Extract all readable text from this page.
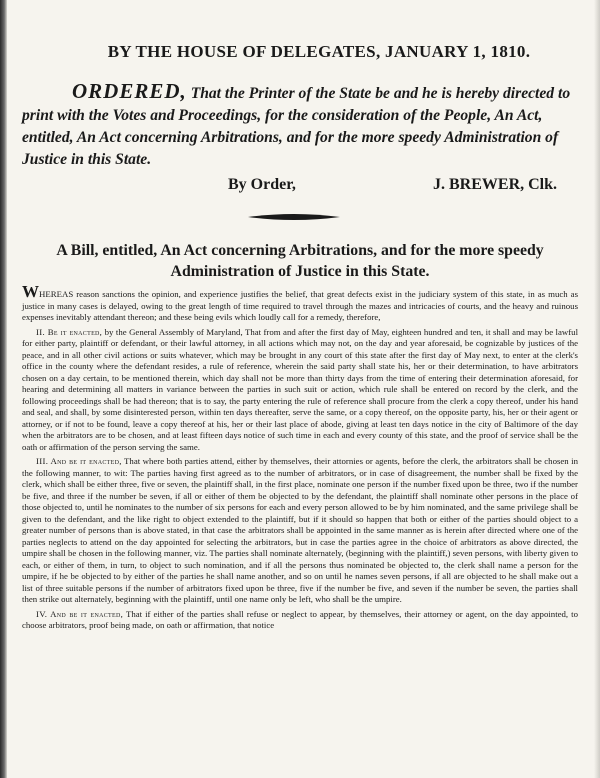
BY THE HOUSE OF DELEGATES, JANUARY 1, 1810.
ORDERED, That the Printer of the State be and he is hereby directed to print with the Votes and Proceedings, for the consideration of the People, An Act, entitled, An Act concerning Arbitrations, and for the more speedy Administration of Justice in this State.
By Order,	J. BREWER, Clk.
A Bill, entitled, An Act concerning Arbitrations, and for the more speedy Administration of Justice in this State.

WHEREAS reason sanctions the opinion, and experience justifies the belief, that great defects exist in the judiciary system of this state, in as much as justice in many cases is delayed, owing to the great length of time required to travel through the mazes and intricacies of courts, and the heavy and ruinous expenses inevitably attendant thereon; and these being evils which loudly call for a remedy, therefore,

II. Be it enacted, by the General Assembly of Maryland, That from and after the first day of May, eighteen hundred and ten, it shall and may be lawful for either party, plaintiff or defendant, or their lawful attorney, in all actions which may not, on the day and year aforesaid, be cognizable by justices of the peace, and in all other civil actions or suits whatever, which may be brought in any court of this state after the first day of May next, to enter at the clerk's office in the county where the defendant resides, a rule of reference, wherein the said party shall state his, her or their determination, to have arbitrators chosen on a day certain, to be mentioned therein, which day shall not be more than thirty days from the time of entering their determination aforesaid, for hearing and determining all matters in variance between the parties in such suit or action, which rule shall be entered on record by the clerk, and the following proceedings shall be had thereon; that is to say, the party entering the rule of reference shall procure from the clerk a copy thereof, under his hand and seal, and shall, by some disinterested person, within ten days thereafter, serve the same, or a copy thereof, on the opposite party, his, her or their agent or attorney, or if not to be found, leave a copy thereof at his, her or their last place of abode, giving at least ten days notice in the city of Baltimore of the day when the arbitrators are to be chosen, and at least fifteen days notice of such time in each and every county of this state, and the proof of service shall be the oath or affirmation of the person serving the same.

III. And be it enacted, That where both parties attend, either by themselves, their attornies or agents, before the clerk, the arbitrators shall be chosen in the following manner, to wit: The parties having first agreed as to the number of arbitrators, or in case of disagreement, the number shall be fixed by the clerk, which shall be either three, five or seven, the plaintiff shall, in the first place, nominate one person if the number fixed upon be three, two if the number be five, and three if the number be seven, if all or either of them be objected to by the defendant, the plaintiff shall nominate other persons in the place of those objected to, until he nominates to the number of six persons for each and every person allowed to be by him nominated, and the same privilege shall be given to the defendant, and the like right to object extended to the plaintiff, but if it should so happen that both or either of the parties should object to a greater number of persons than is above stated, in that case the arbitrators shall be appointed in the same manner as is herein after directed where one of the parties neglects to attend on the day appointed for selecting the arbitrators, but in case the parties agree in the choice of arbitrators as above directed, the umpire shall be chosen in the following manner, viz. The parties shall nominate alternately, (beginning with the plaintiff,) seven persons, with liberty given to each, or either of them, in turn, to object to such nomination, and if all the persons thus nominated be objected to, the clerk shall name a person for the umpire, if he be objected to by either of the parties he shall name another, and so on until he names seven persons, if all are objected to he shall make out a list of three suitable persons if the number of arbitrators fixed upon be three, five if the number be five, and seven if the number be seven, the parties shall then strike out alternately, beginning with the plaintiff, until one name only be left, who shall be the umpire.

IV. And be it enacted, That if either of the parties shall refuse or neglect to appear, by themselves, their attorney or agent, on the day appointed, to choose arbitrators, proof being made, on oath or affirmation, that notice
